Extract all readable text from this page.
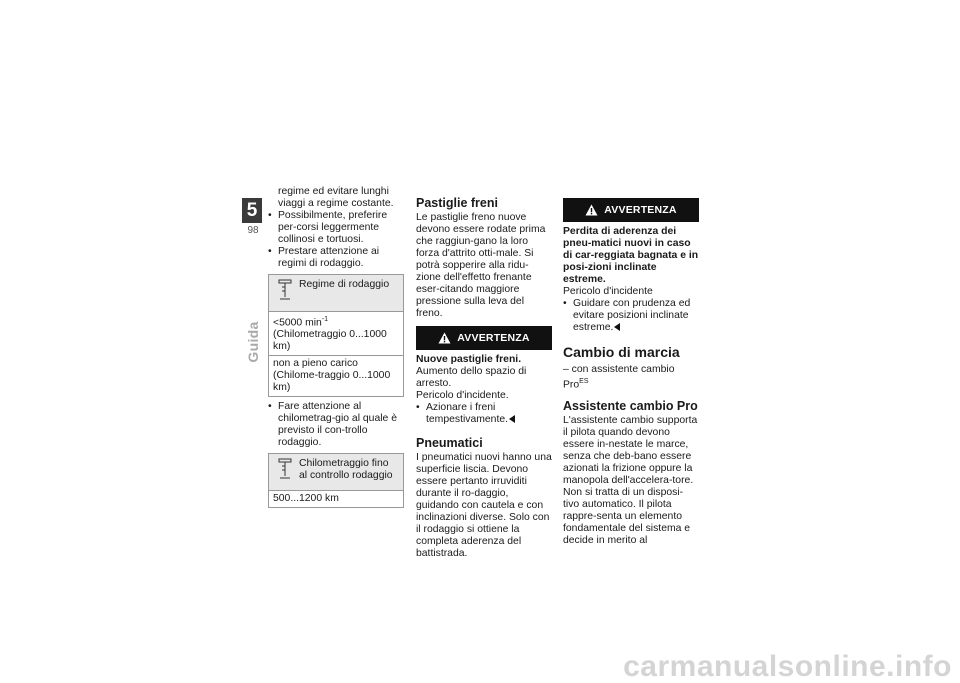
5
98
Guida

regime ed evitare lunghi viaggi a regime costante.

• Possibilmente, preferire per-corsi leggermente collinosi e tortuosi.
• Prestare attenzione ai regimi di rodaggio.
Regime di rodaggio
<5000 $\min^{-1}$ (Chilometraggio 0...1000 km)
non a pieno carico (Chilome-traggio 0...1000 km)
• Fare attenzione al chilometrag-gio al quale è previsto il con-trollo rodaggio.
Chilometraggio fino al controllo rodaggio
500...1200 km
Pastiglie freni

Le pastiglie freno nuove devono essere rodate prima che raggiun-gano la loro forza d'attrito otti-male. Si potrà sopperire alla ridu-zione dell'effetto frenante eser-citando maggiore pressione sulla leva del freno.

AVVERTENZA

Nuove pastiglie freni.

Aumento dello spazio di arresto.

Pericolo d'incidente.

• Azionare i freni tempestivamente.
Pneumatici

I pneumatici nuovi hanno una superficie liscia. Devono essere pertanto irruviditi durante il ro-daggio, guidando con cautela e con inclinazioni diverse. Solo con il rodaggio si ottiene la completa aderenza del battistrada.

AVVERTENZA

Perdita di aderenza dei pneu-matici nuovi in caso di car-reggiata bagnata e in posi-zioni inclinate estreme.

Pericolo d'incidente

• Guidare con prudenza ed evitare posizioni inclinate estreme.
Cambio di marcia

– con assistente cambio Pro$^{ES}$

Assistente cambio Pro

L'assistente cambio supporta il pilota quando devono essere in-nestate le marce, senza che deb-bano essere azionati la frizione oppure la manopola dell'accelera-tore. Non si tratta di un disposi-tivo automatico. Il pilota rappre-senta un elemento fondamentale del sistema e decide in merito al

carmanualsonline.info
